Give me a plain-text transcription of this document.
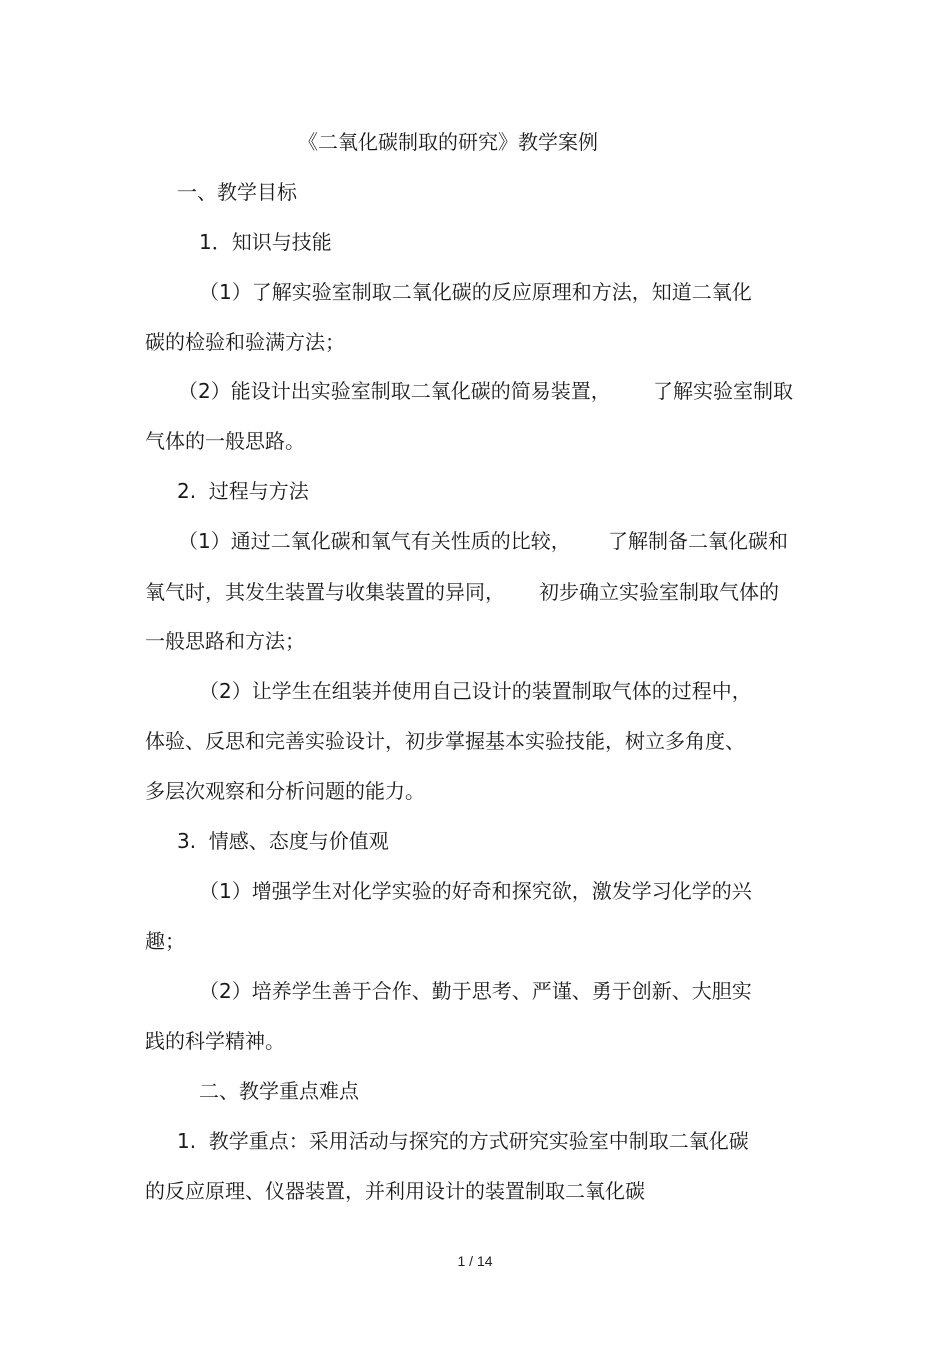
《二氧化碳制取的研究》教学案例
一、教学目标
1．知识与技能
（1）了解实验室制取二氧化碳的反应原理和方法，知道二氧化
碳的检验和验满方法；
（2）能设计出实验室制取二氧化碳的简易装置， 了解实验室制取
气体的一般思路。
2.  过程与方法
（1）通过二氧化碳和氧气有关性质的比较， 了解制备二氧化碳和
氧气时，其发生装置与收集装置的异同， 初步确立实验室制取气体的
一般思路和方法；
（2）让学生在组装并使用自己设计的装置制取气体的过程中，
体验、反思和完善实验设计，初步掌握基本实验技能，树立多角度、
多层次观察和分析问题的能力。
3.  情感、态度与价值观
（1）增强学生对化学实验的好奇和探究欲，激发学习化学的兴
趣；
（2）培养学生善于合作、勤于思考、严谨、勇于创新、大胆实
践的科学精神。
二、教学重点难点
1.  教学重点：采用活动与探究的方式研究实验室中制取二氧化碳
的反应原理、仪器装置，并利用设计的装置制取二氧化碳
1 / 14
